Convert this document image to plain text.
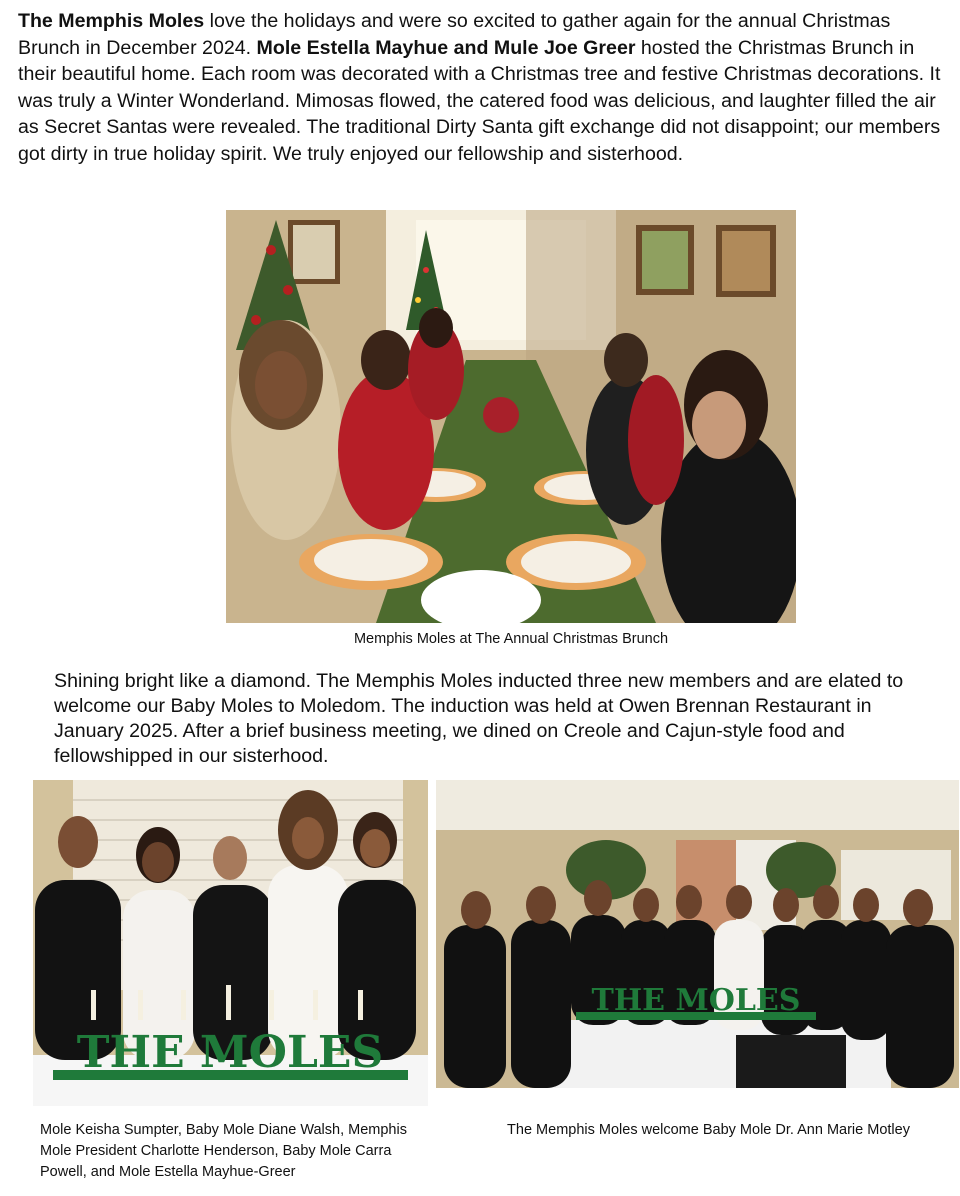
The Memphis Moles love the holidays and were so excited to gather again for the annual Christmas Brunch in December 2024. Mole Estella Mayhue and Mule Joe Greer hosted the Christmas Brunch in their beautiful home. Each room was decorated with a Christmas tree and festive Christmas decorations. It was truly a Winter Wonderland. Mimosas flowed, the catered food was delicious, and laughter filled the air as Secret Santas were revealed. The traditional Dirty Santa gift exchange did not disappoint; our members got dirty in true holiday spirit. We truly enjoyed our fellowship and sisterhood.
Memphis Moles at The Annual Christmas Brunch
Shining bright like a diamond. The Memphis Moles inducted three new members and are elated to welcome our Baby Moles to Moledom. The induction was held at Owen Brennan Restaurant in January 2025. After a brief business meeting, we dined on Creole and Cajun-style food and fellowshipped in our sisterhood.
THE MOLES
Mole Keisha Sumpter, Baby Mole Diane Walsh, Memphis Mole President Charlotte Henderson, Baby Mole Carra Powell, and Mole Estella Mayhue-Greer
THE MOLES
The Memphis Moles welcome Baby Mole Dr. Ann Marie Motley
